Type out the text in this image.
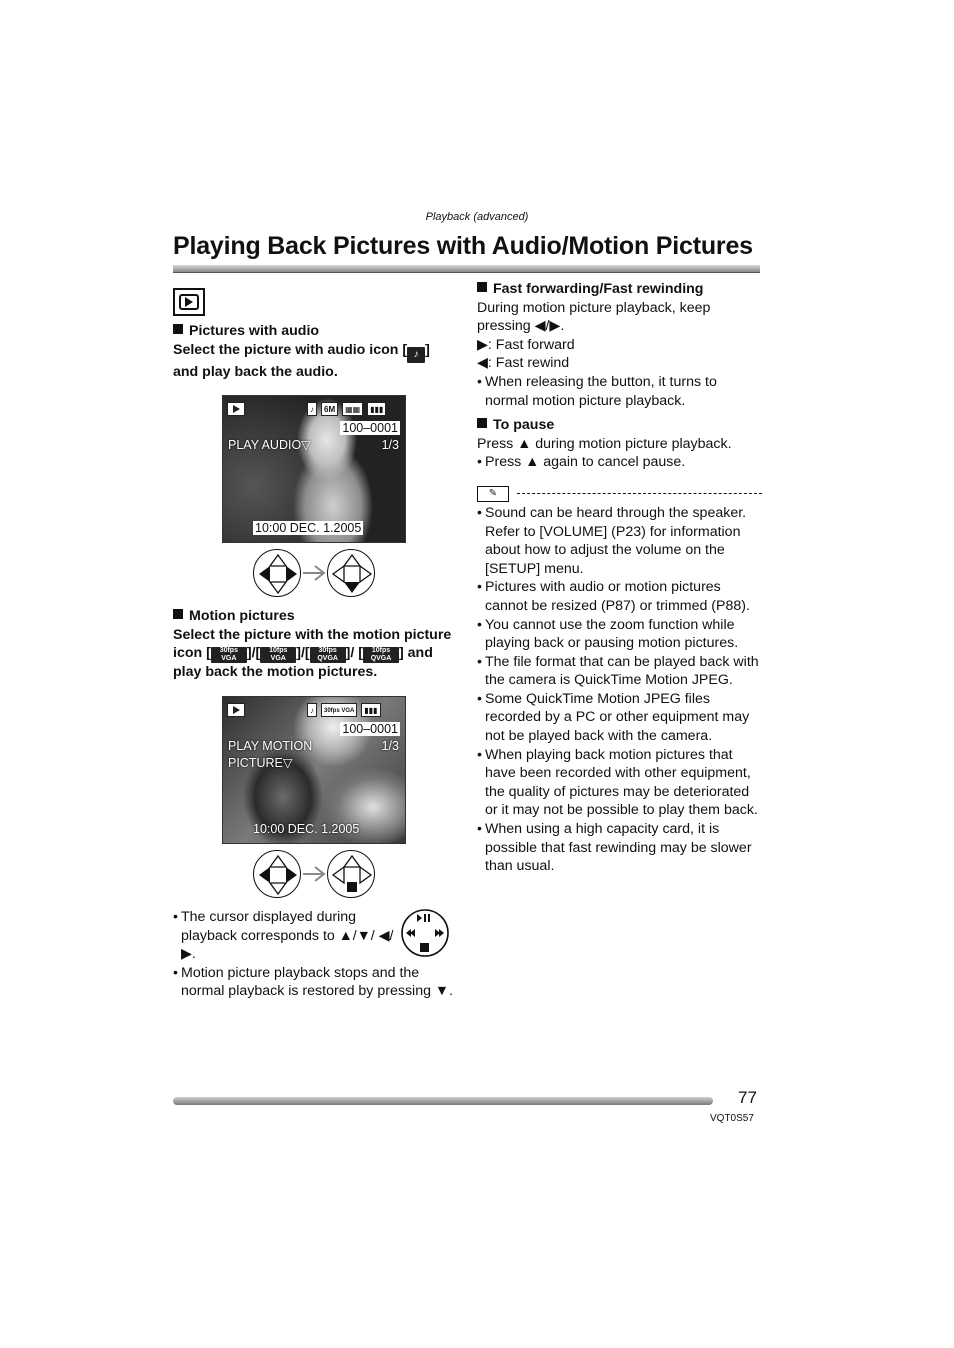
Playback (advanced)
Playing Back Pictures with Audio/Motion Pictures
Pictures with audio
Select the picture with audio icon [ ♪ ] and play back the audio.
♪	6M	▦▦	▮▮▮
100–0001
PLAY AUDIO▽	1/3
10:00 DEC. 1.2005
Motion pictures
Select the picture with the motion picture icon [ 30fps VGA ]/[ 10fps VGA ]/[ 30fps QVGA ]/ [ 10fps QVGA ] and play back the motion pictures.
♪	30fps VGA	▮▮▮
100–0001
PLAY MOTION
PICTURE▽
1/3
10:00 DEC. 1.2005
• The cursor displayed during playback corresponds to ▲/▼/ ◀/▶.
• Motion picture playback stops and the normal playback is restored by pressing ▼.
Fast forwarding/Fast rewinding
During motion picture playback, keep pressing ◀/▶.
▶: Fast forward
◀: Fast rewind
• When releasing the button, it turns to normal motion picture playback.
To pause
Press ▲ during motion picture playback.
• Press ▲ again to cancel pause.
✎
• Sound can be heard through the speaker. Refer to [VOLUME] (P23) for information about how to adjust the volume on the [SETUP] menu.
• Pictures with audio or motion pictures cannot be resized (P87) or trimmed (P88).
• You cannot use the zoom function while playing back or pausing motion pictures.
• The file format that can be played back with the camera is QuickTime Motion JPEG.
• Some QuickTime Motion JPEG files recorded by a PC or other equipment may not be played back with the camera.
• When playing back motion pictures that have been recorded with other equipment, the quality of pictures may be deteriorated or it may not be possible to play them back.
• When using a high capacity card, it is possible that fast rewinding may be slower than usual.
77
VQT0S57
